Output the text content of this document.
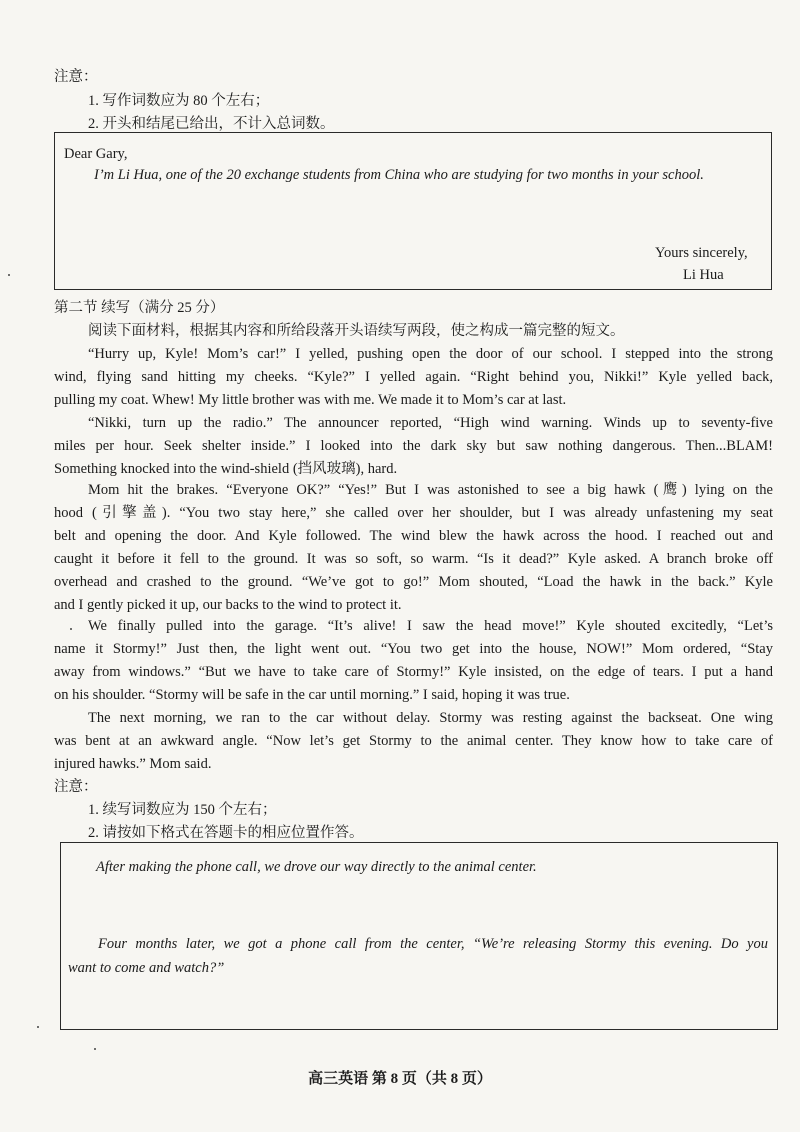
注意：
1. 写作词数应为 80 个左右；
2. 开头和结尾已给出，不计入总词数。
Dear Gary,
I’m Li Hua, one of the 20 exchange students from China who are studying for two months in your school.
Yours sincerely,
Li Hua
第二节 续写（满分 25 分）
阅读下面材料，根据其内容和所给段落开头语续写两段，使之构成一篇完整的短文。
“Hurry up, Kyle! Mom’s car!” I yelled, pushing open the door of our school. I stepped into the strong
wind, flying sand hitting my cheeks. “Kyle?” I yelled again. “Right behind you, Nikki!” Kyle yelled back,
pulling my coat. Whew! My little brother was with me. We made it to Mom’s car at last.
“Nikki, turn up the radio.” The announcer reported, “High wind warning. Winds up to seventy-five
miles per hour. Seek shelter inside.” I looked into the dark sky but saw nothing dangerous. Then...BLAM!
Something knocked into the wind-shield (挡风玻璃), hard.
Mom hit the brakes. “Everyone OK?” “Yes!” But I was astonished to see a big hawk (鹰) lying on the
hood (引擎盖). “You two stay here,” she called over her shoulder, but I was already unfastening my seat
belt and opening the door. And Kyle followed. The wind blew the hawk across the hood. I reached out and
caught it before it fell to the ground. It was so soft, so warm. “Is it dead?” Kyle asked. A branch broke off
overhead and crashed to the ground. “We’ve got to go!” Mom shouted, “Load the hawk in the back.” Kyle
and I gently picked it up, our backs to the wind to protect it.
We finally pulled into the garage. “It’s alive! I saw the head move!” Kyle shouted excitedly, “Let’s
name it Stormy!” Just then, the light went out. “You two get into the house, NOW!” Mom ordered, “Stay
away from windows.” “But we have to take care of Stormy!” Kyle insisted, on the edge of tears. I put a hand
on his shoulder. “Stormy will be safe in the car until morning.” I said, hoping it was true.
The next morning, we ran to the car without delay. Stormy was resting against the backseat. One wing
was bent at an awkward angle. “Now let’s get Stormy to the animal center. They know how to take care of
injured hawks.” Mom said.
注意：
1. 续写词数应为 150 个左右；
2. 请按如下格式在答题卡的相应位置作答。
After making the phone call, we drove our way directly to the animal center.
Four months later, we got a phone call from the center, “We’re releasing Stormy this evening. Do you
want to come and watch?”
高三英语 第 8 页（共 8 页）
